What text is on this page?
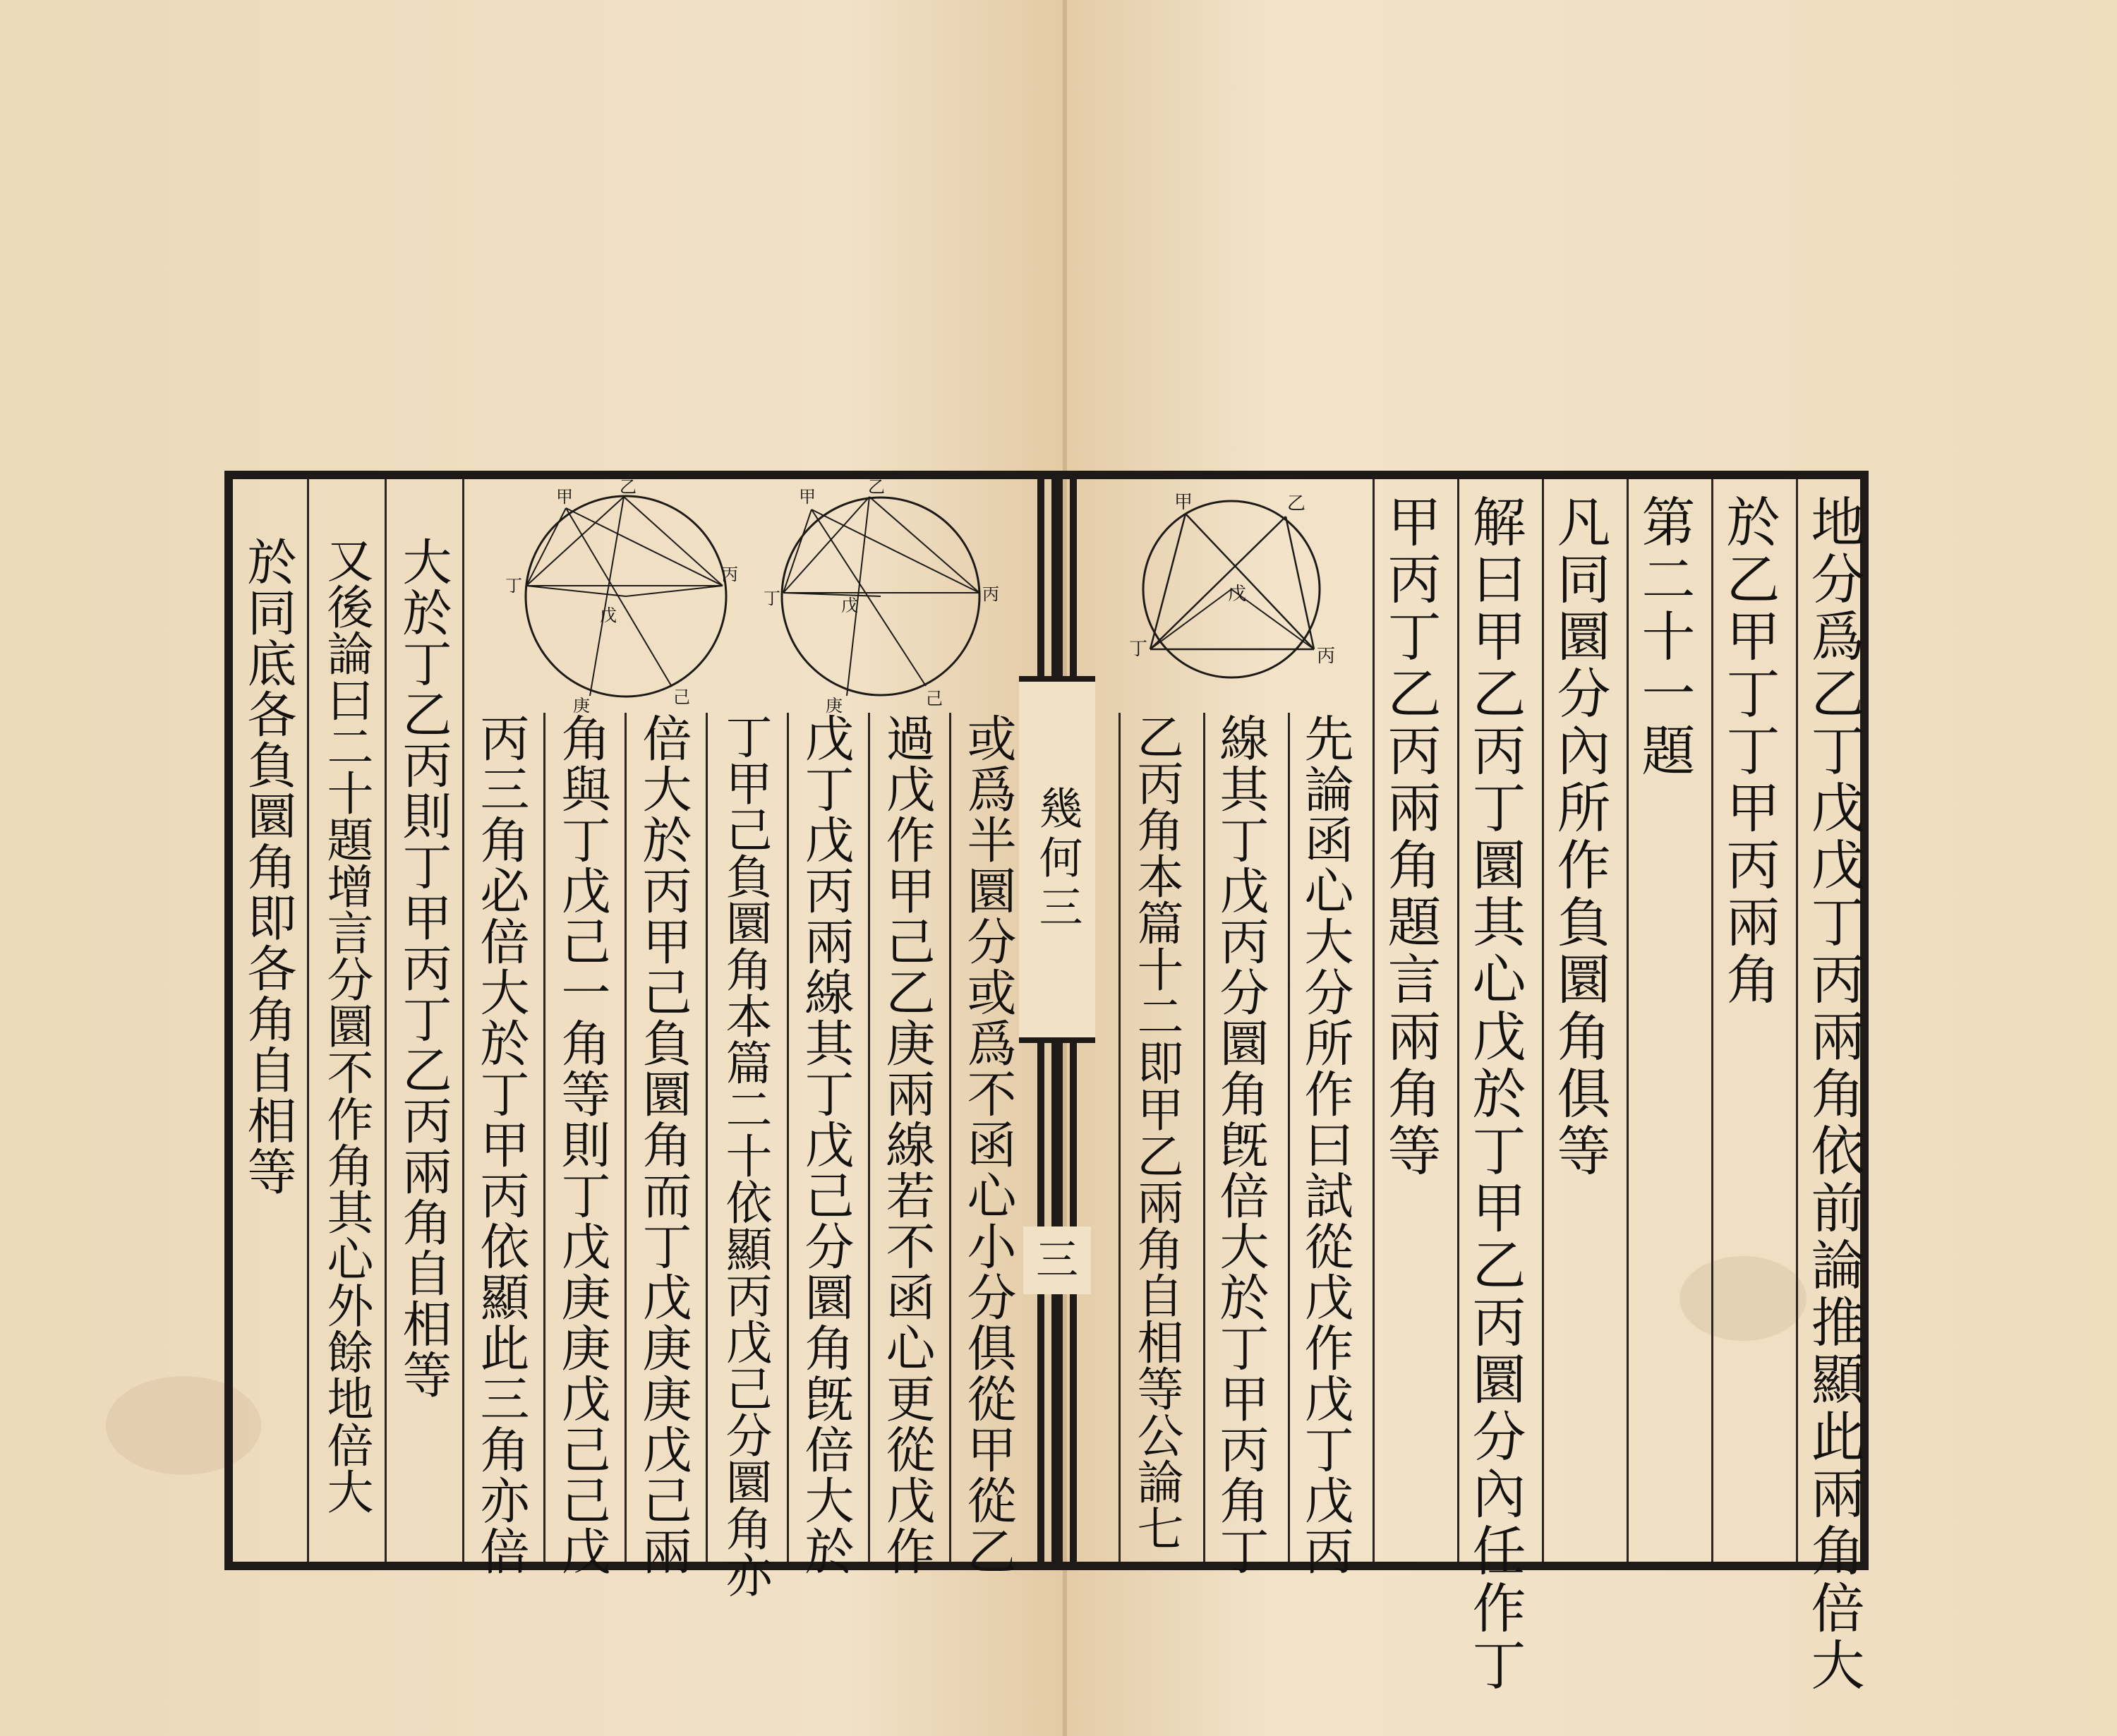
幾何三
三	地分爲乙丁戊戊丁丙兩角依前論推顯此兩角倍大
於乙甲丁丁甲丙兩角
第二十一題
凡同圜分內所作負圜角俱等
解曰甲乙丙丁圜其心戊於丁甲乙丙圜分內任作丁
甲丙丁乙丙兩角題言兩角等
先論函心大分所作曰試從戊作戊丁戊丙
線其丁戊丙分圜角旣倍大於丁甲丙角丁
乙丙角本篇十二即甲乙兩角自相等公論七
甲	乙
戊
丁	丙
或爲半圜分或爲不函心小分俱從甲從乙
過戊作甲己乙庚兩線若不函心更從戊作
戊丁戊丙兩線其丁戊己分圜角旣倍大於
丁甲己負圜角本篇二十依顯丙戊己分圜角亦
倍大於丙甲己負圜角而丁戊庚庚戊己兩
角與丁戊己一角等則丁戊庚庚戊己己戊
丙三角必倍大於丁甲丙依顯此三角亦倍
大於丁乙丙則丁甲丙丁乙丙兩角自相等
又後論曰二十題增言分圜不作角其心外餘地倍大
於同底各負圜角即各角自相等
甲	乙
丁	丙
戊
庚	己
甲	乙
丁
丙
戊
庚	己
